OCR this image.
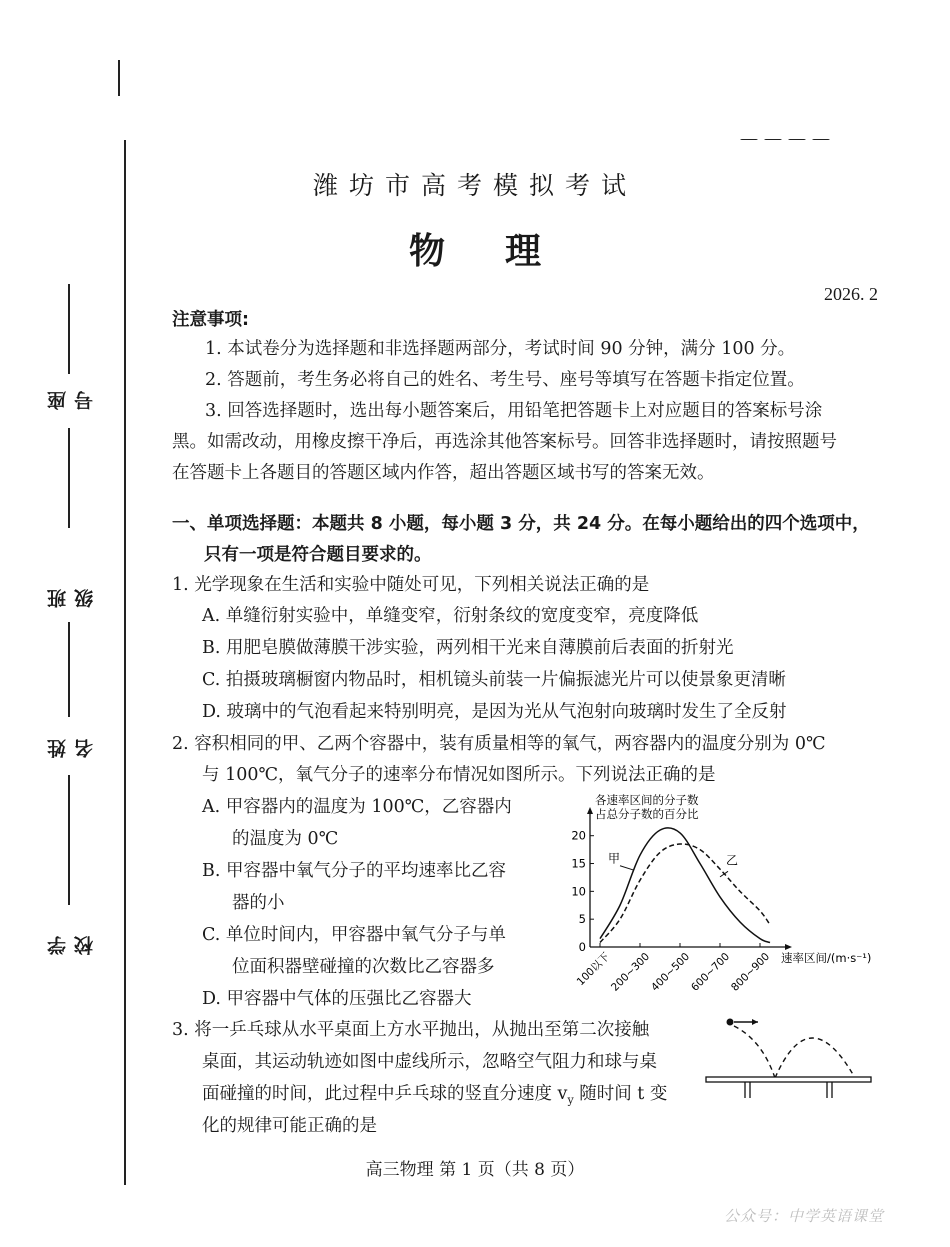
座号
班级
姓名
学校
潍坊市高考模拟考试
物理
2026. 2
注意事项:
1. 本试卷分为选择题和非选择题两部分，考试时间 90 分钟，满分 100 分。
2. 答题前，考生务必将自己的姓名、考生号、座号等填写在答题卡指定位置。
3. 回答选择题时，选出每小题答案后，用铅笔把答题卡上对应题目的答案标号涂
黑。如需改动，用橡皮擦干净后，再选涂其他答案标号。回答非选择题时，请按照题号
在答题卡上各题目的答题区域内作答，超出答题区域书写的答案无效。
一、单项选择题：本题共 8 小题，每小题 3 分，共 24 分。在每小题给出的四个选项中，
只有一项是符合题目要求的。
1. 光学现象在生活和实验中随处可见，下列相关说法正确的是
A. 单缝衍射实验中，单缝变窄，衍射条纹的宽度变窄，亮度降低
B. 用肥皂膜做薄膜干涉实验，两列相干光来自薄膜前后表面的折射光
C. 拍摄玻璃橱窗内物品时，相机镜头前装一片偏振滤光片可以使景象更清晰
D. 玻璃中的气泡看起来特别明亮，是因为光从气泡射向玻璃时发生了全反射
2. 容积相同的甲、乙两个容器中，装有质量相等的氧气，两容器内的温度分别为 0℃
与 100℃，氧气分子的速率分布情况如图所示。下列说法正确的是
A. 甲容器内的温度为 100℃，乙容器内
的温度为 0℃
B. 甲容器中氧气分子的平均速率比乙容
器的小
C. 单位时间内，甲容器中氧气分子与单
位面积器壁碰撞的次数比乙容器多
D. 甲容器中气体的压强比乙容器大
各速率区间的分子数
占总分子数的百分比
甲	乙
0
5
10
15
20
100以下
200~300
400~500
600~700
800~900 速率区间/(m·s⁻¹)
3. 将一乒乓球从水平桌面上方水平抛出，从抛出至第二次接触
桌面，其运动轨迹如图中虚线所示，忽略空气阻力和球与桌
面碰撞的时间，此过程中乒乓球的竖直分速度 $v_y$ 随时间 t 变
化的规律可能正确的是
高三物理 第 1 页（共 8 页）
公众号：中学英语课堂
